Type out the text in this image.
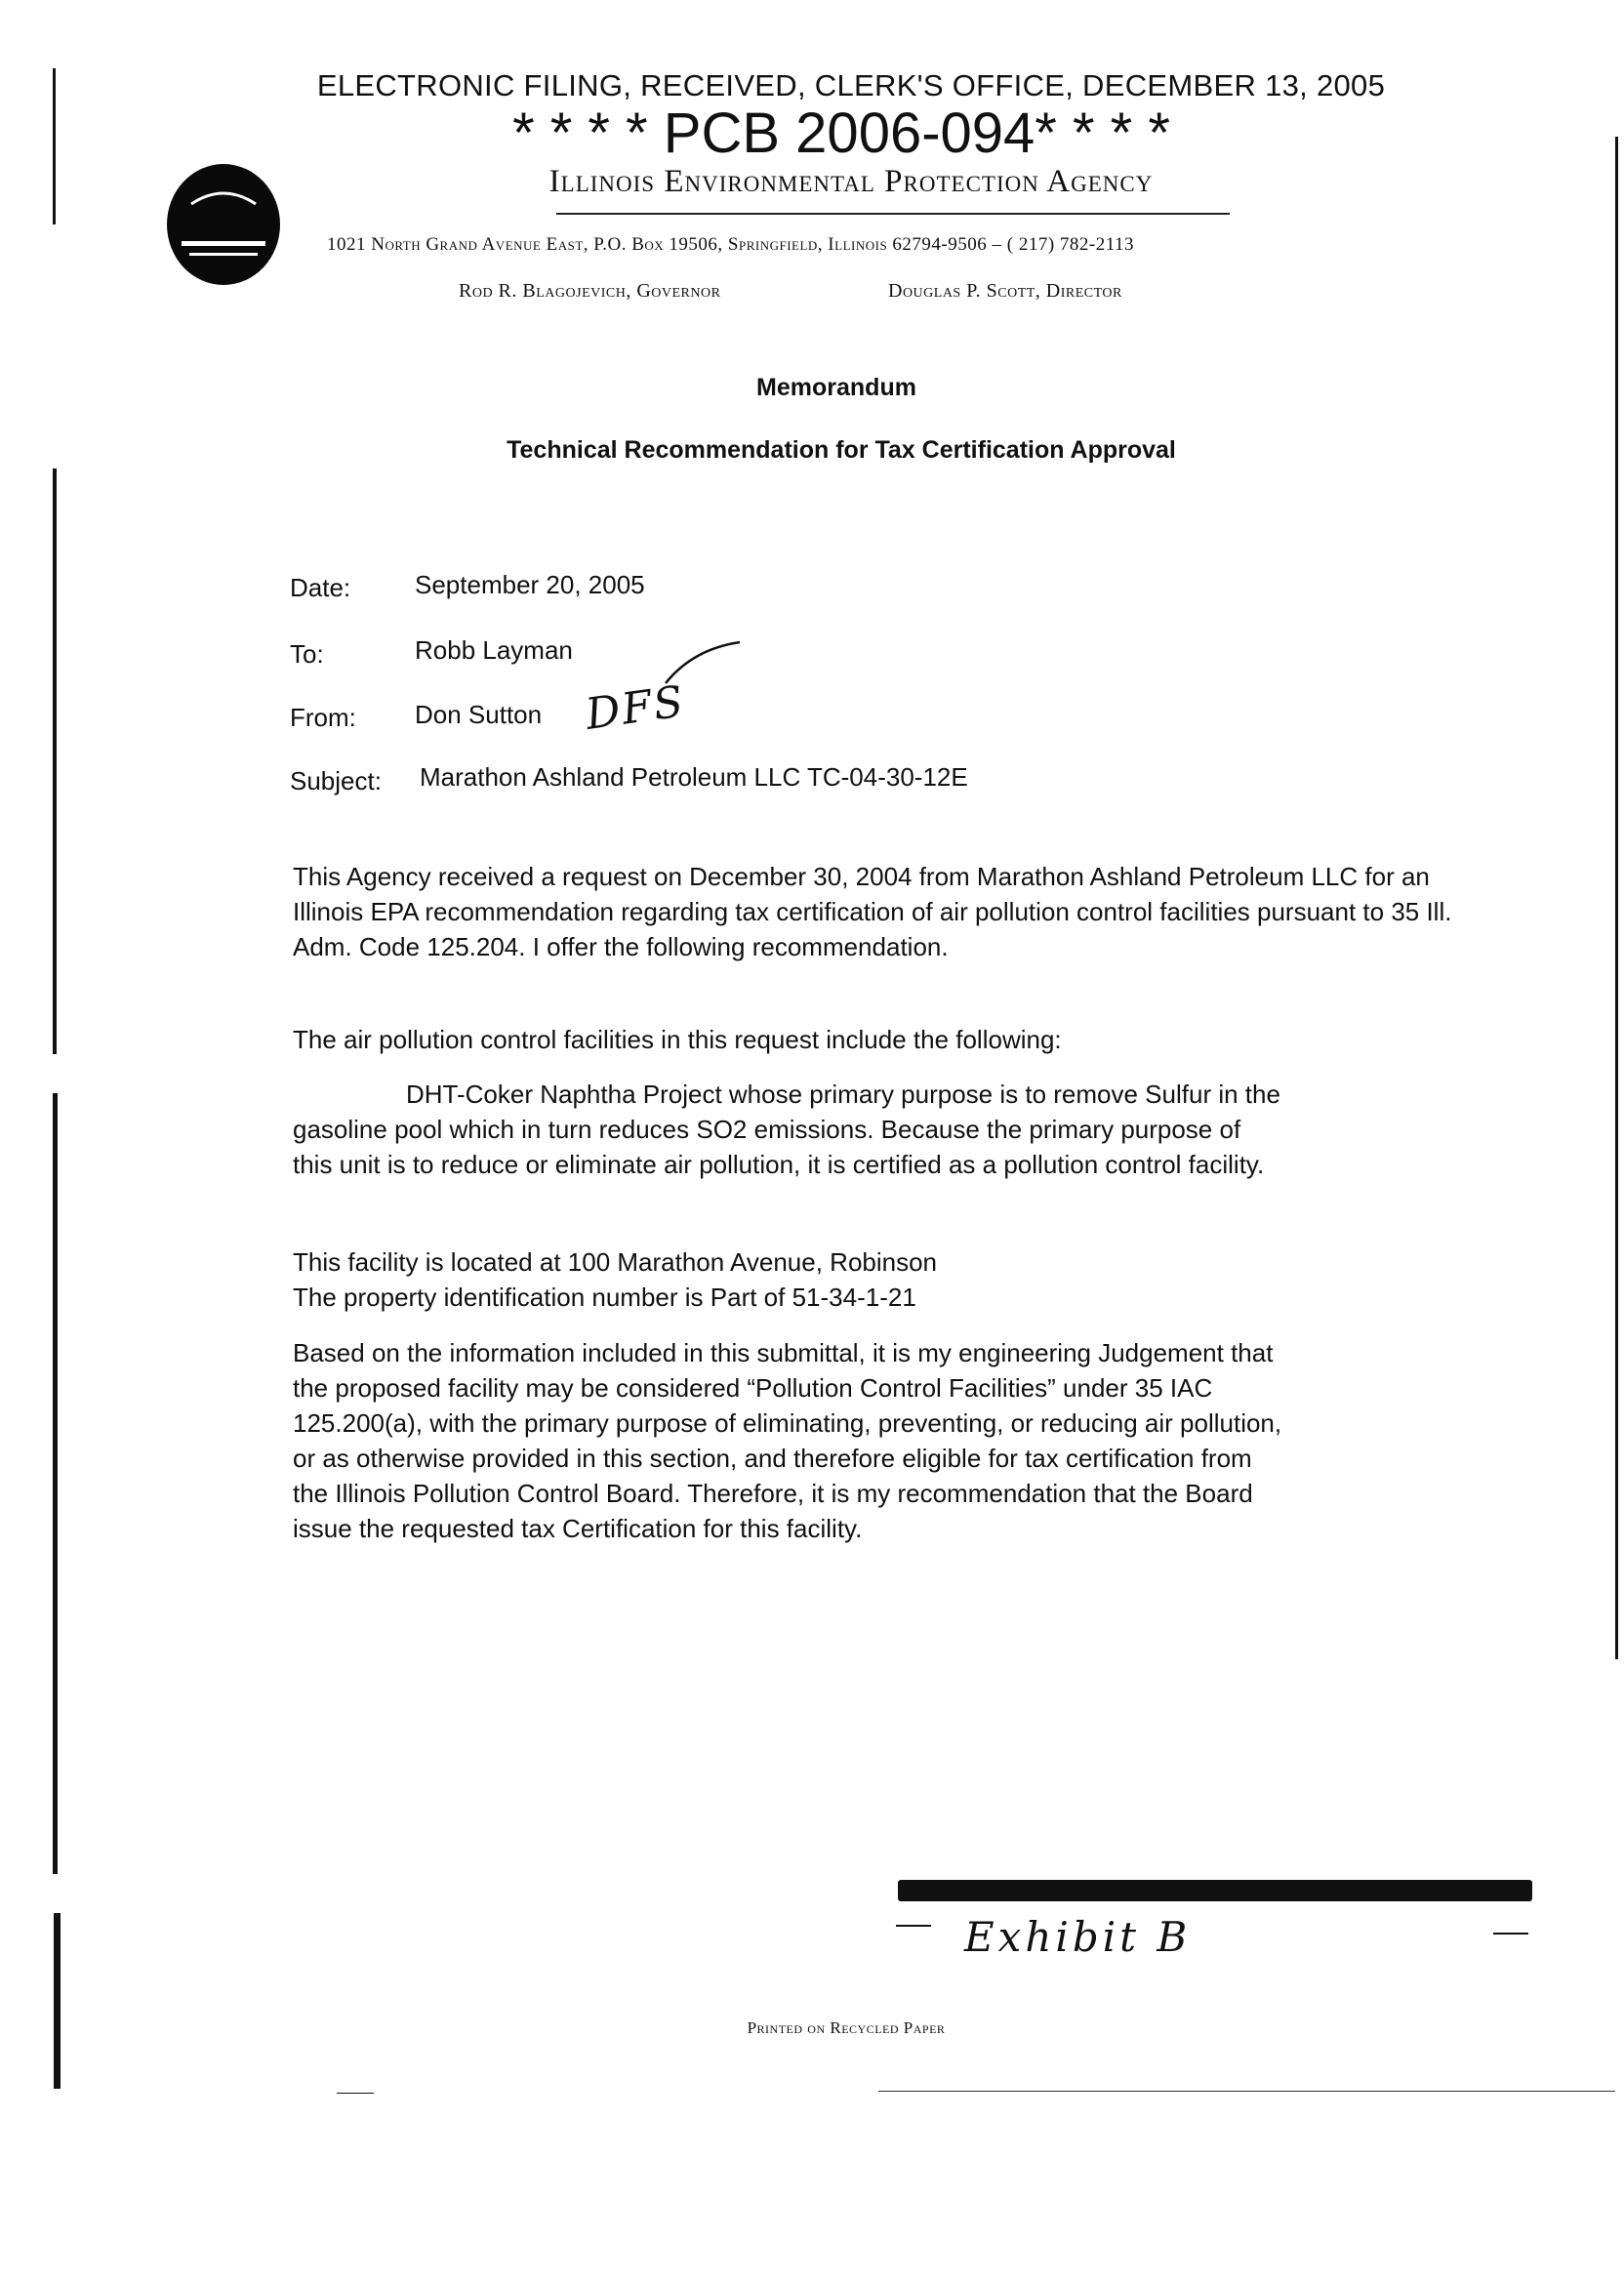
ELECTRONIC FILING, RECEIVED, CLERK'S OFFICE, DECEMBER 13, 2005
* * * * PCB 2006-094* * * *
Illinois Environmental Protection Agency
1021 North Grand Avenue East, P.O. Box 19506, Springfield, Illinois 62794-9506 – ( 217) 782-2113
Rod R. Blagojevich, Governor	Douglas P. Scott, Director
Memorandum
Technical Recommendation for Tax Certification Approval
Date:	September 20, 2005
To:	Robb Layman
From: Don Sutton DFS
Subject: Marathon Ashland Petroleum LLC TC-04-30-12E

This Agency received a request on December 30, 2004 from Marathon Ashland Petroleum LLC for an

Illinois EPA recommendation regarding tax certification of air pollution control facilities pursuant to 35 Ill.

Adm. Code 125.204. I offer the following recommendation.

The air pollution control facilities in this request include the following:

DHT-Coker Naphtha Project whose primary purpose is to remove Sulfur in the

gasoline pool which in turn reduces SO2 emissions. Because the primary purpose of

this unit is to reduce or eliminate air pollution, it is certified as a pollution control facility.

This facility is located at 100 Marathon Avenue, Robinson

The property identification number is Part of 51-34-1-21

Based on the information included in this submittal, it is my engineering Judgement that

the proposed facility may be considered “Pollution Control Facilities” under 35 IAC

125.200(a), with the primary purpose of eliminating, preventing, or reducing air pollution,

or as otherwise provided in this section, and therefore eligible for tax certification from

the Illinois Pollution Control Board. Therefore, it is my recommendation that the Board

issue the requested tax Certification for this facility.

Exhibit B
Printed on Recycled Paper
